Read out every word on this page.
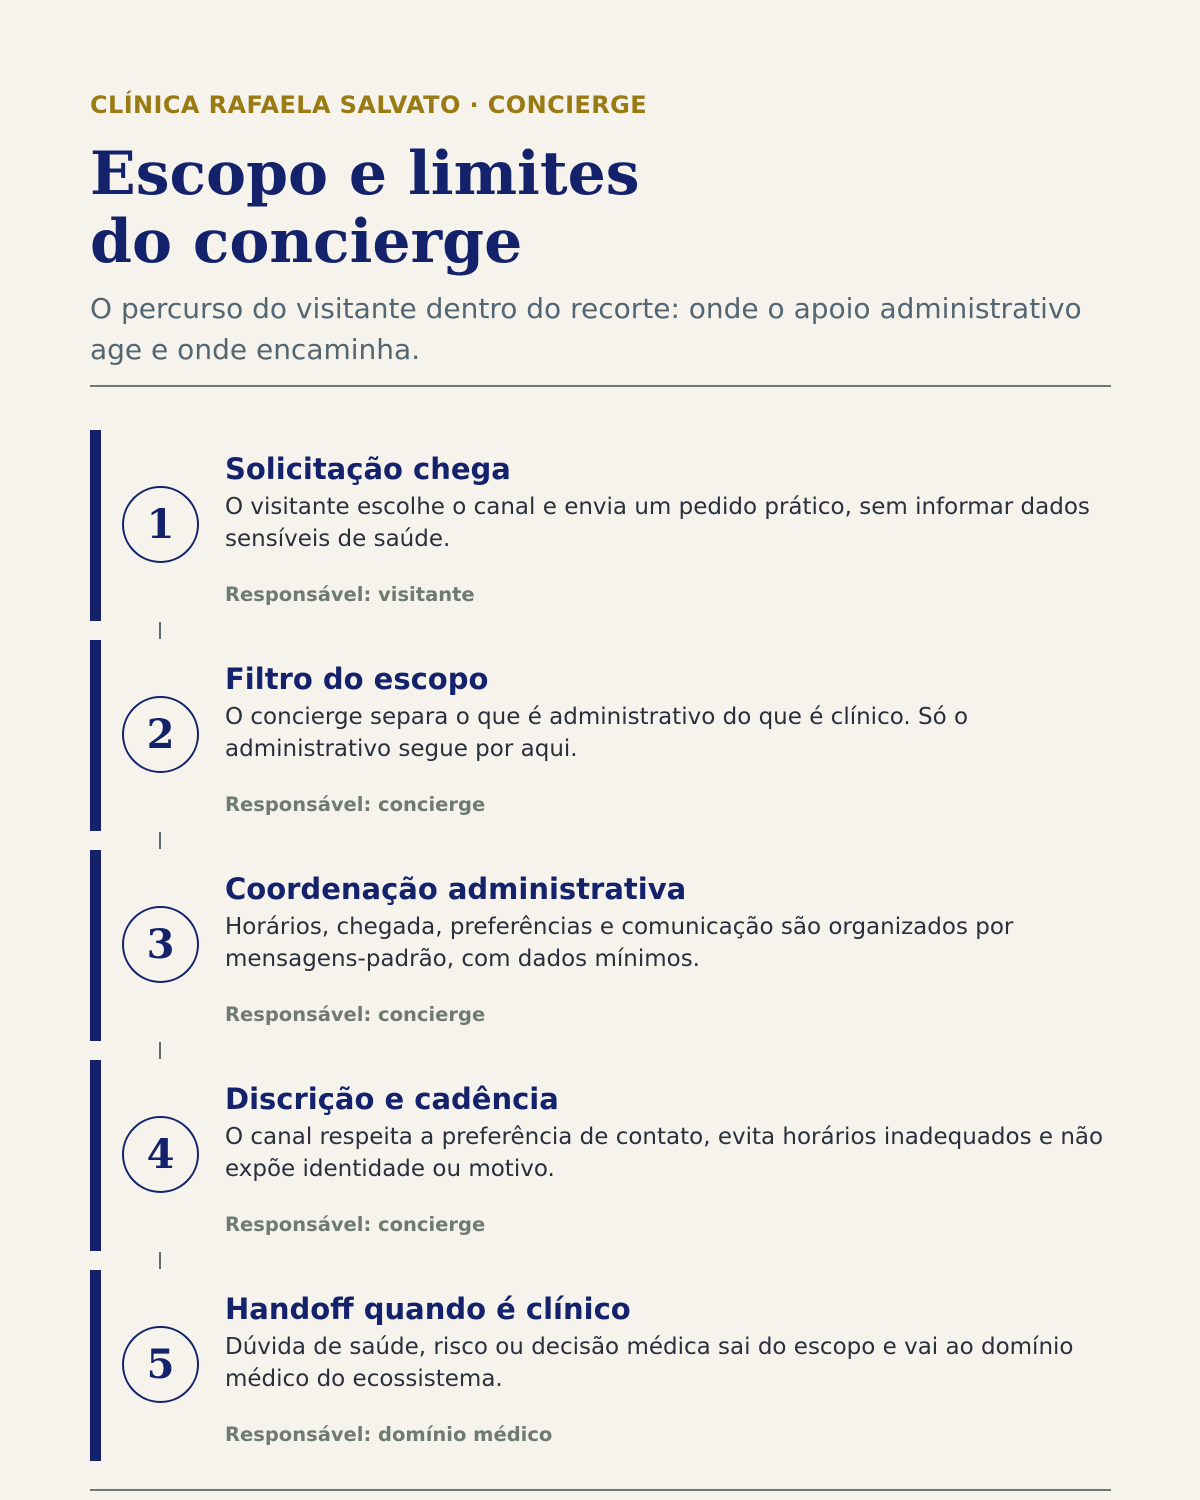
CLÍNICA RAFAELA SALVATO · CONCIERGE
Escopo e limites
do concierge

O percurso do visitante dentro do recorte: onde o apoio administrativo age e onde encaminha.

1
Solicitação chega
O visitante escolhe o canal e envia um pedido prático, sem informar dados sensíveis de saúde.
Responsável: visitante
2
Filtro do escopo
O concierge separa o que é administrativo do que é clínico. Só o administrativo segue por aqui.
Responsável: concierge
3
Coordenação administrativa
Horários, chegada, preferências e comunicação são organizados por mensagens-padrão, com dados mínimos.
Responsável: concierge
4
Discrição e cadência
O canal respeita a preferência de contato, evita horários inadequados e não expõe identidade ou motivo.
Responsável: concierge
5
Handoff quando é clínico
Dúvida de saúde, risco ou decisão médica sai do escopo e vai ao domínio médico do ecossistema.
Responsável: domínio médico
